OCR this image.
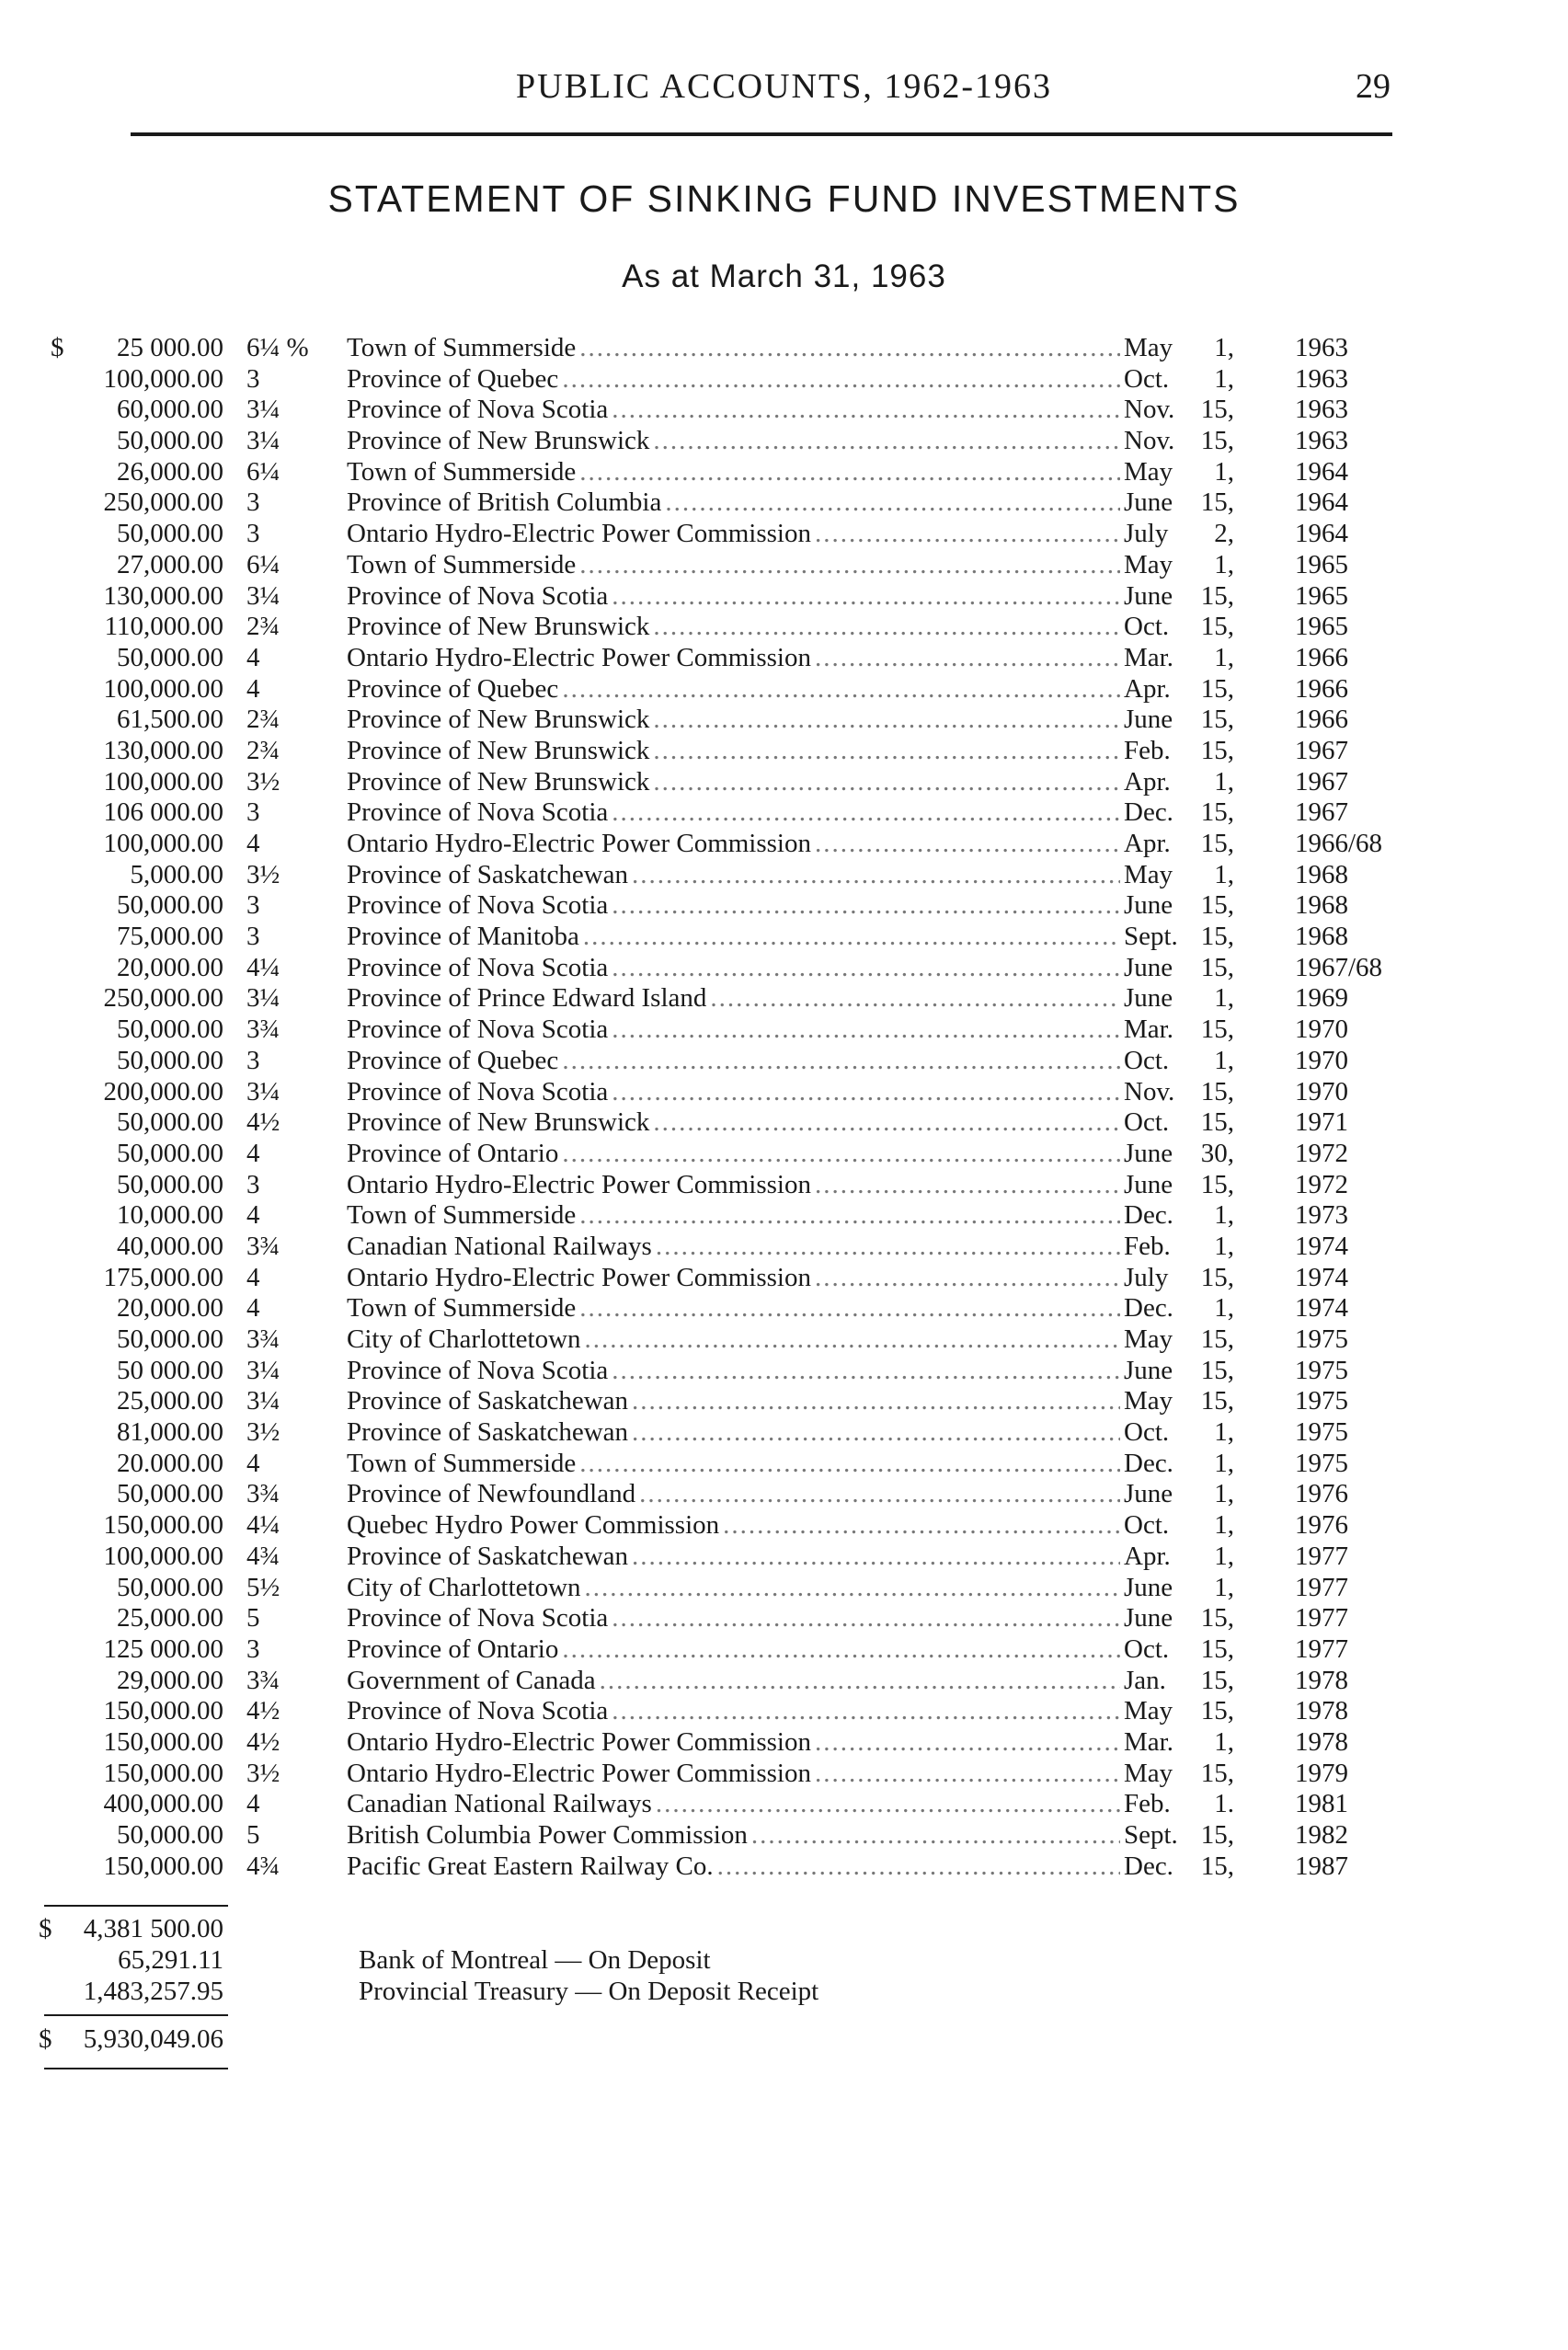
PUBLIC ACCOUNTS, 1962-1963	29
STATEMENT OF SINKING FUND INVESTMENTS
As at March 31, 1963
$ 25 000.00 6¼ % Town of Summerside .....	May 1, 1963
100,000.00 3	Province of Quebec .....	Oct. 1, 1963
60,000.00 3¼	Province of Nova Scotia .....	Nov. 15, 1963
50,000.00 3¼	Province of New Brunswick .....	Nov. 15, 1963
26,000.00 6¼	Town of Summerside .....	May 1, 1964
250,000.00 3	Province of British Columbia .....	June 15, 1964
50,000.00 3	Ontario Hydro-Electric Power Commission .....	July 2, 1964
27,000.00 6¼	Town of Summerside .....	May 1, 1965
130,000.00 3¼	Province of Nova Scotia .....	June 15, 1965
110,000.00 2¾	Province of New Brunswick .....	Oct. 15, 1965
50,000.00 4	Ontario Hydro-Electric Power Commission .....	Mar. 1, 1966
100,000.00 4	Province of Quebec .....	Apr. 15, 1966
61,500.00 2¾	Province of New Brunswick .....	June 15, 1966
130,000.00 2¾	Province of New Brunswick .....	Feb. 15, 1967
100,000.00 3½	Province of New Brunswick .....	Apr. 1, 1967
106 000.00 3	Province of Nova Scotia .....	Dec. 15, 1967
100,000.00 4	Ontario Hydro-Electric Power Commission .....	Apr. 15, 1966/68
5,000.00 3½	Province of Saskatchewan .....	May 1, 1968
50,000.00 3	Province of Nova Scotia .....	June 15, 1968
75,000.00 3	Province of Manitoba .....	Sept. 15, 1968
20,000.00 4¼	Province of Nova Scotia .....	June 15, 1967/68
250,000.00 3¼	Province of Prince Edward Island .....	June 1, 1969
50,000.00 3¾	Province of Nova Scotia .....	Mar. 15, 1970
50,000.00 3	Province of Quebec .....	Oct. 1, 1970
200,000.00 3¼	Province of Nova Scotia .....	Nov. 15, 1970
50,000.00 4½	Province of New Brunswick .....	Oct. 15, 1971
50,000.00 4	Province of Ontario .....	June 30, 1972
50,000.00 3	Ontario Hydro-Electric Power Commission .....	June 15, 1972
10,000.00 4	Town of Summerside .....	Dec. 1, 1973
40,000.00 3¾	Canadian National Railways .....	Feb. 1, 1974
175,000.00 4	Ontario Hydro-Electric Power Commission .....	July 15, 1974
20,000.00 4	Town of Summerside .....	Dec. 1, 1974
50,000.00 3¾	City of Charlottetown .....	May 15, 1975
50 000.00 3¼	Province of Nova Scotia .....	June 15, 1975
25,000.00 3¼	Province of Saskatchewan .....	May 15, 1975
81,000.00 3½	Province of Saskatchewan .....	Oct. 1, 1975
20.000.00 4	Town of Summerside .....	Dec. 1, 1975
50,000.00 3¾	Province of Newfoundland .....	June 1, 1976
150,000.00 4¼	Quebec Hydro Power Commission .....	Oct. 1, 1976
100,000.00 4¾	Province of Saskatchewan .....	Apr. 1, 1977
50,000.00 5½	City of Charlottetown .....	June 1, 1977
25,000.00 5	Province of Nova Scotia .....	June 15, 1977
125 000.00 3	Province of Ontario .....	Oct. 15, 1977
29,000.00 3¾	Government of Canada .....	Jan. 15, 1978
150,000.00 4½	Province of Nova Scotia .....	May 15, 1978
150,000.00 4½	Ontario Hydro-Electric Power Commission .....	Mar. 1, 1978
150,000.00 3½	Ontario Hydro-Electric Power Commission .....	May 15, 1979
400,000.00 4	Canadian National Railways .....	Feb. 1. 1981
50,000.00 5	British Columbia Power Commission .....	Sept. 15, 1982
150,000.00 4¾	Pacific Great Eastern Railway Co. .....	Dec. 15, 1987
$ 4,381 500.00
65,291.11	Bank of Montreal — On Deposit
1,483,257.95	Provincial Treasury — On Deposit Receipt
$ 5,930,049.06
